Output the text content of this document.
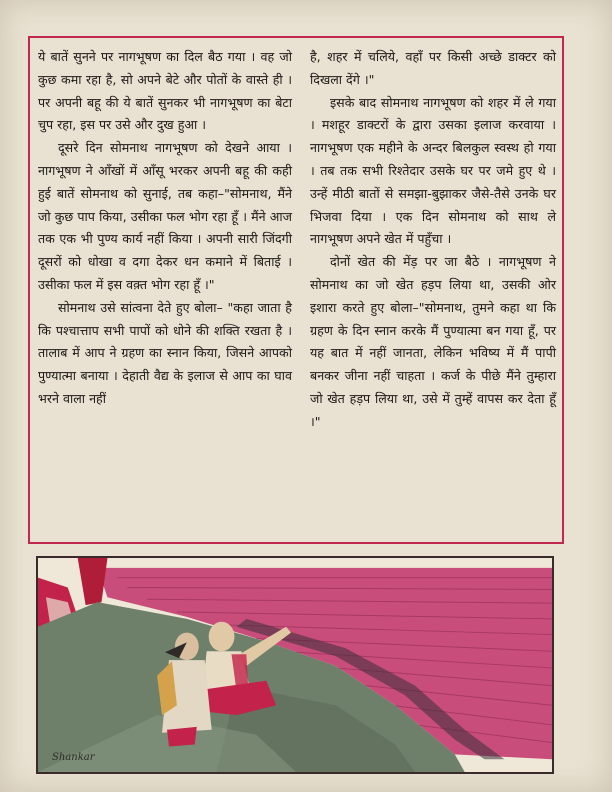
ये बातें सुनने पर नागभूषण का दिल बैठ गया । वह जो कुछ कमा रहा है, सो अपने बेटे और पोतों के वास्ते ही । पर अपनी बहू की ये बातें सुनकर भी नागभूषण का बेटा चुप रहा, इस पर उसे और दुख हुआ ।

दूसरे दिन सोमनाथ नागभूषण को देखने आया । नागभूषण ने आँखों में आँसू भरकर अपनी बहू की कही हुई बातें सोमनाथ को सुनाई, तब कहा–"सोमनाथ, मैंने जो कुछ पाप किया, उसीका फल भोग रहा हूँ । मैंने आज तक एक भी पुण्य कार्य नहीं किया । अपनी सारी जिंदगी दूसरों को धोखा व दगा देकर धन कमाने में बिताई । उसीका फल में इस वक़्त भोग रहा हूँ ।"

सोमनाथ उसे सांत्वना देते हुए बोला– "कहा जाता है कि पश्चात्ताप सभी पापों को धोने की शक्ति रखता है । तालाब में आप ने ग्रहण का स्नान किया, जिसने आपको पुण्यात्मा बनाया । देहाती वैद्य के इलाज से आप का घाव भरने वाला नहीं

है, शहर में चलिये, वहाँ पर किसी अच्छे डाक्टर को दिखला देंगे ।"

इसके बाद सोमनाथ नागभूषण को शहर में ले गया । मशहूर डाक्टरों के द्वारा उसका इलाज करवाया । नागभूषण एक महीने के अन्दर बिलकुल स्वस्थ हो गया । तब तक सभी रिश्तेदार उसके घर पर जमे हुए थे । उन्हें मीठी बातों से समझा-बुझाकर जैसे-तैसे उनके घर भिजवा दिया । एक दिन सोमनाथ को साथ ले नागभूषण अपने खेत में पहुँचा ।

दोनों खेत की मेंड़ पर जा बैठे । नागभूषण ने सोमनाथ का जो खेत हड़प लिया था, उसकी ओर इशारा करते हुए बोला–"सोमनाथ, तुमने कहा था कि ग्रहण के दिन स्नान करके मैं पुण्यात्मा बन गया हूँ, पर यह बात में नहीं जानता, लेकिन भविष्य में मैं पापी बनकर जीना नहीं चाहता । कर्ज के पीछे मैंने तुम्हारा जो खेत हड़प लिया था, उसे में तुम्हें वापस कर देता हूँ ।"

Shankar
